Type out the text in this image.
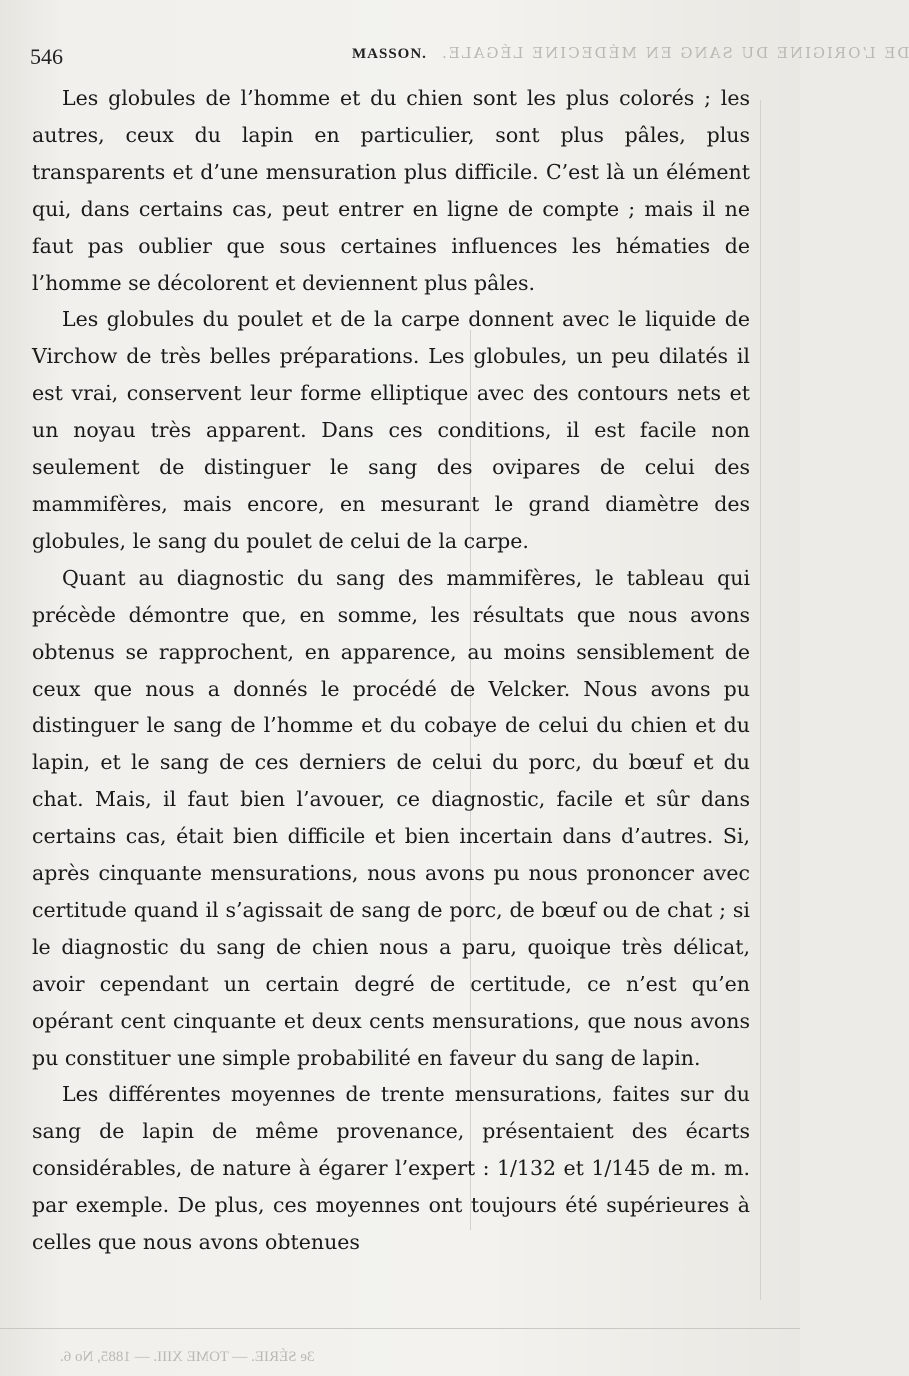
DE L’ORIGINE DU SANG EN MÉDECINE LÉGALE.
546	MASSON.

Les globules de l’homme et du chien sont les plus colorés ; les autres, ceux du lapin en particulier, sont plus pâles, plus transparents et d’une mensuration plus difficile. C’est là un élément qui, dans certains cas, peut entrer en ligne de compte ; mais il ne faut pas oublier que sous certaines influences les hématies de l’homme se décolorent et deviennent plus pâles.

Les globules du poulet et de la carpe donnent avec le liquide de Virchow de très belles préparations. Les globules, un peu dilatés il est vrai, conservent leur forme elliptique avec des contours nets et un noyau très apparent. Dans ces conditions, il est facile non seulement de distinguer le sang des ovipares de celui des mammifères, mais encore, en mesurant le grand diamètre des globules, le sang du poulet de celui de la carpe.

Quant au diagnostic du sang des mammifères, le tableau qui précède démontre que, en somme, les résultats que nous avons obtenus se rapprochent, en apparence, au moins sensiblement de ceux que nous a donnés le procédé de Velcker. Nous avons pu distinguer le sang de l’homme et du cobaye de celui du chien et du lapin, et le sang de ces derniers de celui du porc, du bœuf et du chat. Mais, il faut bien l’avouer, ce diagnostic, facile et sûr dans certains cas, était bien difficile et bien incertain dans d’autres. Si, après cinquante mensurations, nous avons pu nous prononcer avec certitude quand il s’agissait de sang de porc, de bœuf ou de chat ; si le diagnostic du sang de chien nous a paru, quoique très délicat, avoir cependant un certain degré de certitude, ce n’est qu’en opérant cent cinquante et deux cents mensurations, que nous avons pu constituer une simple probabilité en faveur du sang de lapin.

Les différentes moyennes de trente mensurations, faites sur du sang de lapin de même provenance, présentaient des écarts considérables, de nature à égarer l’expert : 1/132 et 1/145 de m. m. par exemple. De plus, ces moyennes ont toujours été supérieures à celles que nous avons obtenues

3e SÉRIE. — TOME XIII. — 1885, No 6.
